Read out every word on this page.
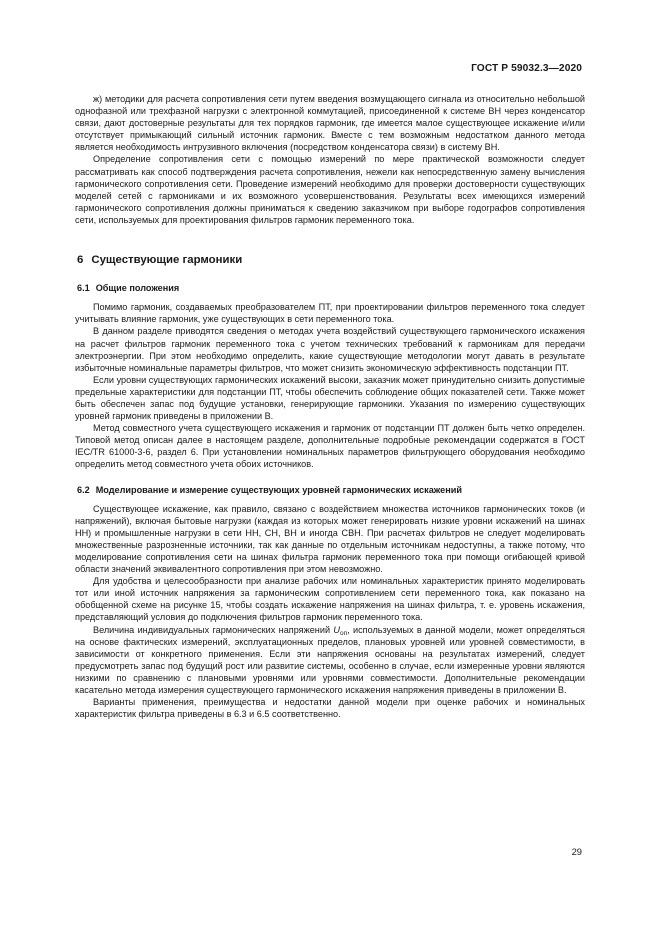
ГОСТ Р 59032.3—2020

ж) методики для расчета сопротивления сети путем введения возмущающего сигнала из относительно небольшой однофазной или трехфазной нагрузки с электронной коммутацией, присоединенной к системе ВН через конденсатор связи, дают достоверные результаты для тех порядков гармоник, где имеется малое существующее искажение и/или отсутствует примыкающий сильный источник гармоник. Вместе с тем возможным недостатком данного метода является необходимость интрузивного включения (посредством конденсатора связи) в систему ВН.

Определение сопротивления сети с помощью измерений по мере практической возможности следует рассматривать как способ подтверждения расчета сопротивления, нежели как непосредственную замену вычисления гармонического сопротивления сети. Проведение измерений необходимо для проверки достоверности существующих моделей сетей с гармониками и их возможного усовершенствования. Результаты всех имеющихся измерений гармонического сопротивления должны приниматься к сведению заказчиком при выборе годографов сопротивления сети, используемых для проектирования фильтров гармоник переменного тока.

6 Существующие гармоники
6.1 Общие положения

Помимо гармоник, создаваемых преобразователем ПТ, при проектировании фильтров переменного тока следует учитывать влияние гармоник, уже существующих в сети переменного тока.

В данном разделе приводятся сведения о методах учета воздействий существующего гармонического искажения на расчет фильтров гармоник переменного тока с учетом технических требований к гармоникам для передачи электроэнергии. При этом необходимо определить, какие существующие методологии могут давать в результате избыточные номинальные параметры фильтров, что может снизить экономическую эффективность подстанции ПТ.

Если уровни существующих гармонических искажений высоки, заказчик может принудительно снизить допустимые предельные характеристики для подстанции ПТ, чтобы обеспечить соблюдение общих показателей сети. Также может быть обеспечен запас под будущие установки, генерирующие гармоники. Указания по измерению существующих уровней гармоник приведены в приложении В.

Метод совместного учета существующего искажения и гармоник от подстанции ПТ должен быть четко определен. Типовой метод описан далее в настоящем разделе, дополнительные подробные рекомендации содержатся в ГОСТ IEC/TR 61000-3-6, раздел 6. При установлении номинальных параметров фильтрующего оборудования необходимо определить метод совместного учета обоих источников.

6.2 Моделирование и измерение существующих уровней гармонических искажений

Существующее искажение, как правило, связано с воздействием множества источников гармонических токов (и напряжений), включая бытовые нагрузки (каждая из которых может генерировать низкие уровни искажений на шинах НН) и промышленные нагрузки в сети НН, СН, ВН и иногда СВН. При расчетах фильтров не следует моделировать множественные разрозненные источники, так как данные по отдельным источникам недоступны, а также потому, что моделирование сопротивления сети на шинах фильтра гармоник переменного тока при помощи огибающей кривой области значений эквивалентного сопротивления при этом невозможно.

Для удобства и целесообразности при анализе рабочих или номинальных характеристик принято моделировать тот или иной источник напряжения за гармоническим сопротивлением сети переменного тока, как показано на обобщенной схеме на рисунке 15, чтобы создать искажение напряжения на шинах фильтра, т. е. уровень искажения, представляющий условия до подключения фильтров гармоник переменного тока.

Величина индивидуальных гармонических напряжений $U_{оп}$, используемых в данной модели, может определяться на основе фактических измерений, эксплуатационных пределов, плановых уровней или уровней совместимости, в зависимости от конкретного применения. Если эти напряжения основаны на результатах измерений, следует предусмотреть запас под будущий рост или развитие системы, особенно в случае, если измеренные уровни являются низкими по сравнению с плановыми уровнями или уровнями совместимости. Дополнительные рекомендации касательно метода измерения существующего гармонического искажения напряжения приведены в приложении В.

Варианты применения, преимущества и недостатки данной модели при оценке рабочих и номинальных характеристик фильтра приведены в 6.3 и 6.5 соответственно.

29
